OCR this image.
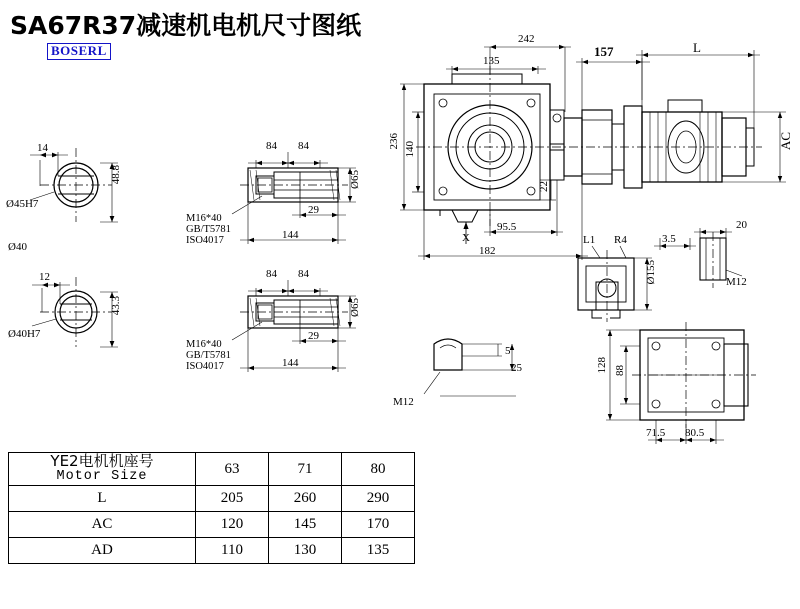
SA67R37减速机电机尺寸图纸
BOSERL
14
Ø45H7
Ø40
48.8
12
Ø40H7
43.3
84 84
29
144
Ø65
M16*40
GB/T5781
ISO4017
84 84
29
144
Ø65
M16*40
GB/T5781
ISO4017
242
135
157	L
AC
236 140
22
95.5
182
X	L1 R4	3.5
20
Ø155	M12
5
25
M12
128 88
71.5 80.5
YE2电机机座号
Motor Size	63	71	80
L	205	260	290
AC	120	145	170
AD	110	130	135
